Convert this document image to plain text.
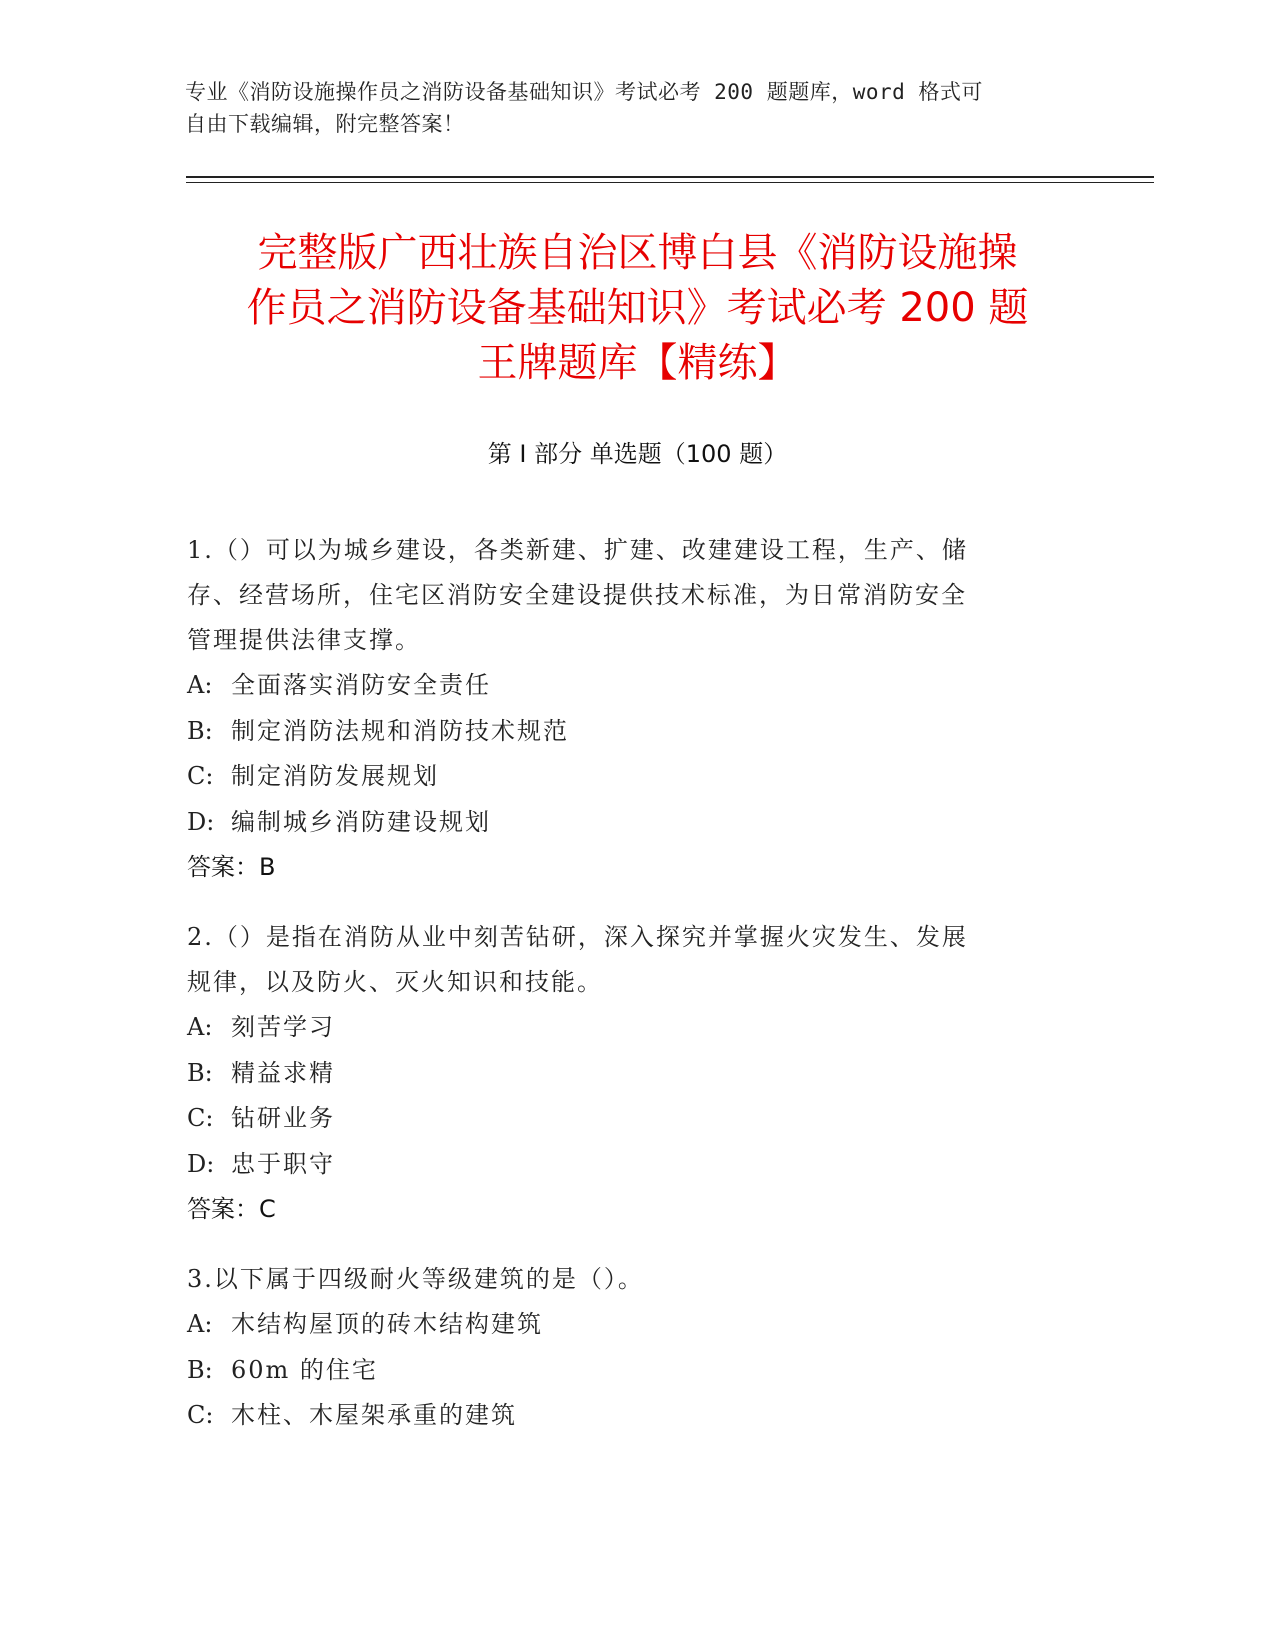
专业《消防设施操作员之消防设备基础知识》考试必考 200 题题库，word 格式可
自由下载编辑，附完整答案！
完整版广西壮族自治区博白县《消防设施操
作员之消防设备基础知识》考试必考 200 题
王牌题库【精练】
第 I 部分 单选题（100 题）
1.（）可以为城乡建设，各类新建、扩建、改建建设工程，生产、储
存、经营场所，住宅区消防安全建设提供技术标准，为日常消防安全
管理提供法律支撑。
A: 全面落实消防安全责任
B: 制定消防法规和消防技术规范
C: 制定消防发展规划
D: 编制城乡消防建设规划
答案：B
2.（）是指在消防从业中刻苦钻研，深入探究并掌握火灾发生、发展
规律，以及防火、灭火知识和技能。
A: 刻苦学习
B: 精益求精
C: 钻研业务
D: 忠于职守
答案：C
3.以下属于四级耐火等级建筑的是（）。
A: 木结构屋顶的砖木结构建筑
B: 60m 的住宅
C: 木柱、木屋架承重的建筑
